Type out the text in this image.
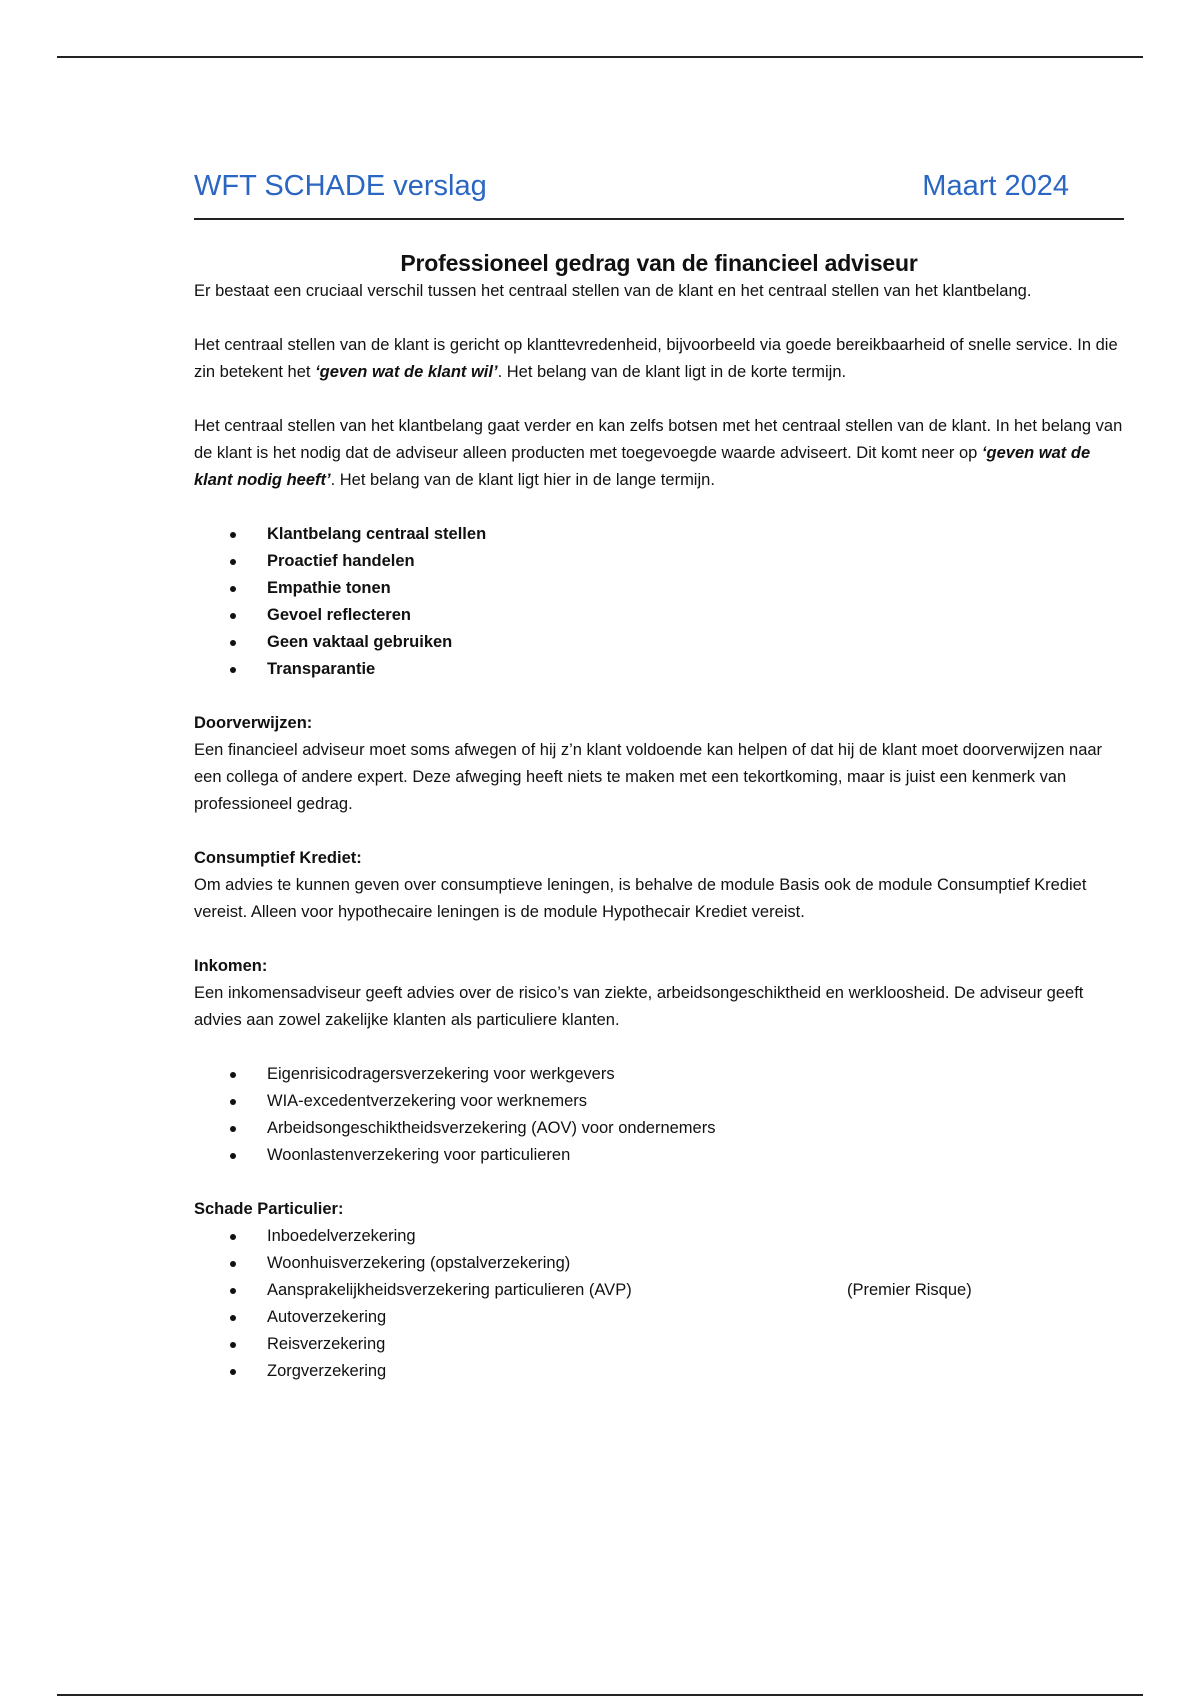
WFT SCHADE verslag	Maart 2024
Professioneel gedrag van de financieel adviseur

Er bestaat een cruciaal verschil tussen het centraal stellen van de klant en het centraal stellen van het klantbelang.

Het centraal stellen van de klant is gericht op klanttevredenheid, bijvoorbeeld via goede bereikbaarheid of snelle service. In die zin betekent het ‘geven wat de klant wil’. Het belang van de klant ligt in de korte termijn.

Het centraal stellen van het klantbelang gaat verder en kan zelfs botsen met het centraal stellen van de klant. In het belang van de klant is het nodig dat de adviseur alleen producten met toegevoegde waarde adviseert. Dit komt neer op ‘geven wat de klant nodig heeft’. Het belang van de klant ligt hier in de lange termijn.

Klantbelang centraal stellen
Proactief handelen
Empathie tonen
Gevoel reflecteren
Geen vaktaal gebruiken
Transparantie
Doorverwijzen:

Een financieel adviseur moet soms afwegen of hij z’n klant voldoende kan helpen of dat hij de klant moet doorverwijzen naar een collega of andere expert. Deze afweging heeft niets te maken met een tekortkoming, maar is juist een kenmerk van professioneel gedrag.

Consumptief Krediet:

Om advies te kunnen geven over consumptieve leningen, is behalve de module Basis ook de module Consumptief Krediet vereist. Alleen voor hypothecaire leningen is de module Hypothecair Krediet vereist.

Inkomen:

Een inkomensadviseur geeft advies over de risico’s van ziekte, arbeidsongeschiktheid en werkloosheid. De adviseur geeft advies aan zowel zakelijke klanten als particuliere klanten.

Eigenrisicodragersverzekering voor werkgevers
WIA-excedentverzekering voor werknemers
Arbeidsongeschiktheidsverzekering (AOV) voor ondernemers
Woonlastenverzekering voor particulieren
Schade Particulier:
Inboedelverzekering
Woonhuisverzekering (opstalverzekering)
Aansprakelijkheidsverzekering particulieren (AVP)	(Premier Risque)
Autoverzekering
Reisverzekering
Zorgverzekering
